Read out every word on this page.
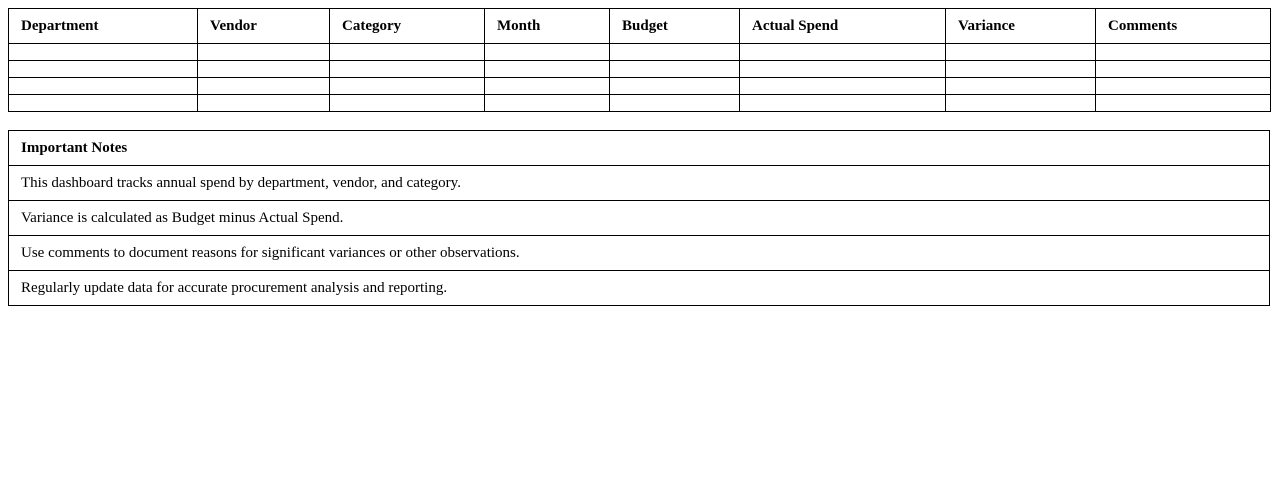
Department	Vendor	Category	Month	Budget	Actual Spend	Variance	Comments

Important Notes
This dashboard tracks annual spend by department, vendor, and category.
Variance is calculated as Budget minus Actual Spend.
Use comments to document reasons for significant variances or other observations.
Regularly update data for accurate procurement analysis and reporting.
